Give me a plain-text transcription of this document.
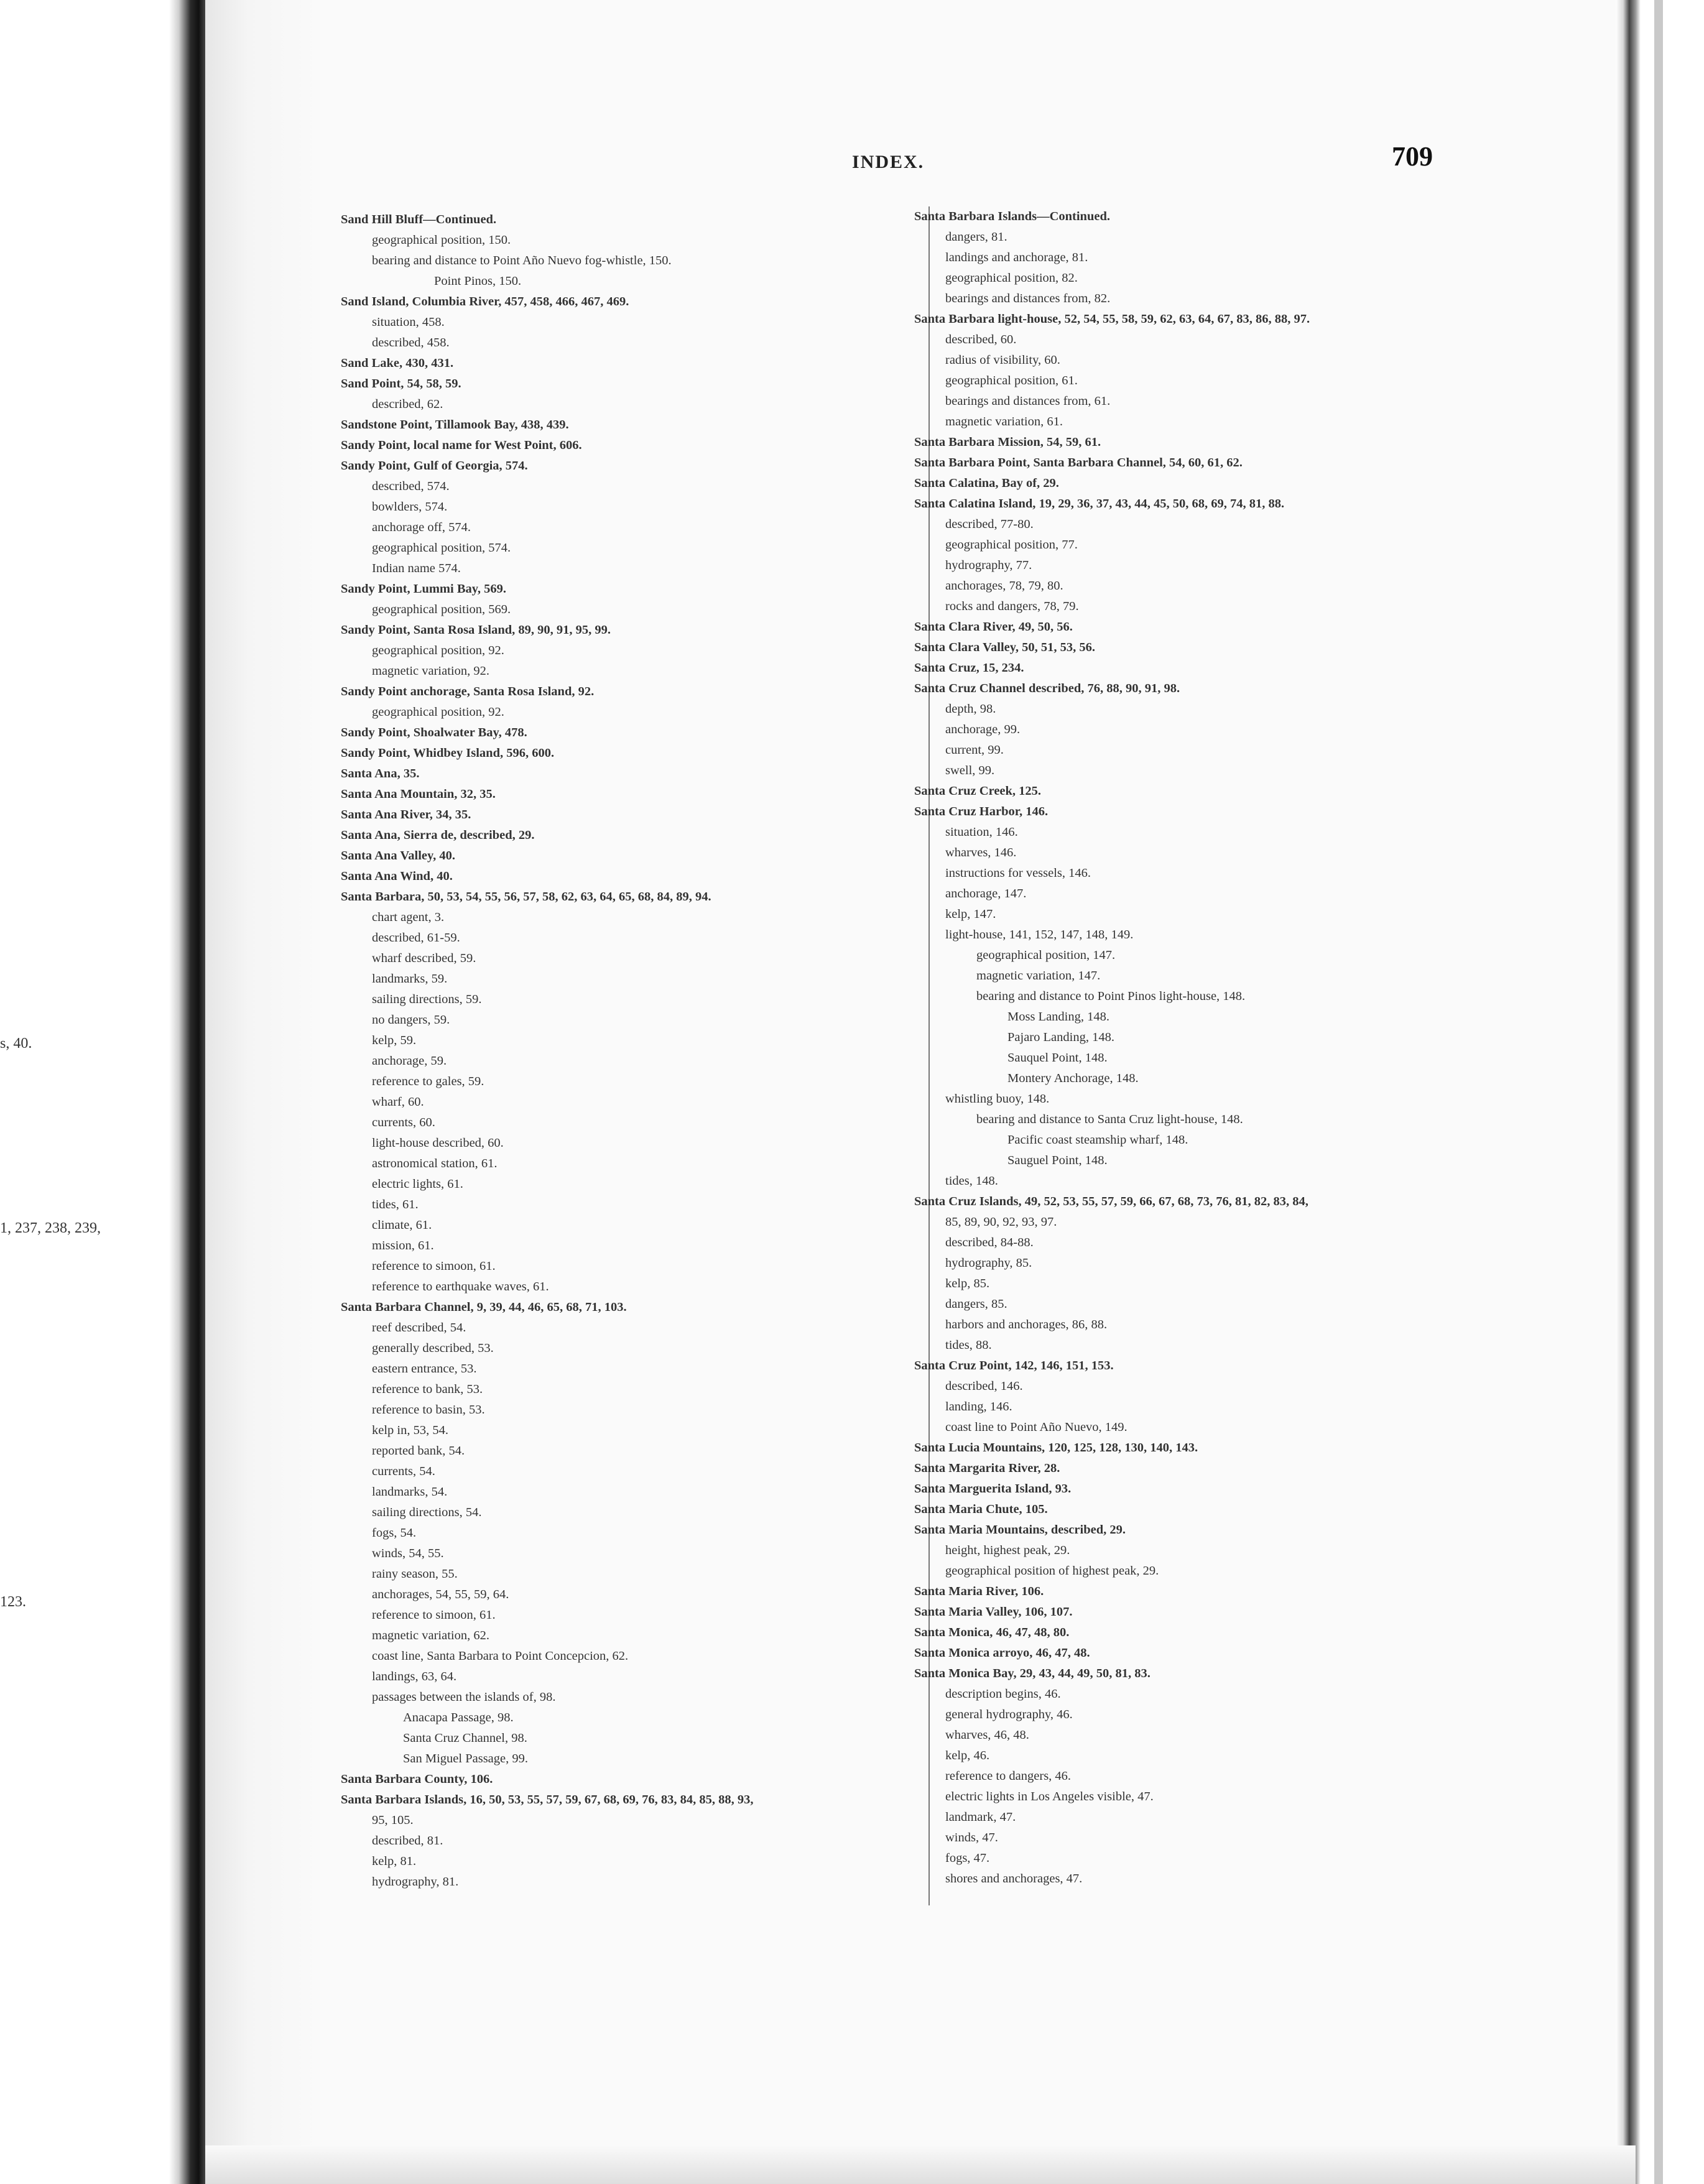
s, 40.
1, 237, 238, 239,
123.
INDEX.	709
Sand Hill Bluff—Continued.
geographical position, 150.
bearing and distance to Point Año Nuevo fog-whistle, 150.
Point Pinos, 150.
Sand Island, Columbia River, 457, 458, 466, 467, 469.
situation, 458.
described, 458.
Sand Lake, 430, 431.
Sand Point, 54, 58, 59.
described, 62.
Sandstone Point, Tillamook Bay, 438, 439.
Sandy Point, local name for West Point, 606.
Sandy Point, Gulf of Georgia, 574.
described, 574.
bowlders, 574.
anchorage off, 574.
geographical position, 574.
Indian name 574.
Sandy Point, Lummi Bay, 569.
geographical position, 569.
Sandy Point, Santa Rosa Island, 89, 90, 91, 95, 99.
geographical position, 92.
magnetic variation, 92.
Sandy Point anchorage, Santa Rosa Island, 92.
geographical position, 92.
Sandy Point, Shoalwater Bay, 478.
Sandy Point, Whidbey Island, 596, 600.
Santa Ana, 35.
Santa Ana Mountain, 32, 35.
Santa Ana River, 34, 35.
Santa Ana, Sierra de, described, 29.
Santa Ana Valley, 40.
Santa Ana Wind, 40.
Santa Barbara, 50, 53, 54, 55, 56, 57, 58, 62, 63, 64, 65, 68, 84, 89, 94.
chart agent, 3.
described, 61-59.
wharf described, 59.
landmarks, 59.
sailing directions, 59.
no dangers, 59.
kelp, 59.
anchorage, 59.
reference to gales, 59.
wharf, 60.
currents, 60.
light-house described, 60.
astronomical station, 61.
electric lights, 61.
tides, 61.
climate, 61.
mission, 61.
reference to simoon, 61.
reference to earthquake waves, 61.
Santa Barbara Channel, 9, 39, 44, 46, 65, 68, 71, 103.
reef described, 54.
generally described, 53.
eastern entrance, 53.
reference to bank, 53.
reference to basin, 53.
kelp in, 53, 54.
reported bank, 54.
currents, 54.
landmarks, 54.
sailing directions, 54.
fogs, 54.
winds, 54, 55.
rainy season, 55.
anchorages, 54, 55, 59, 64.
reference to simoon, 61.
magnetic variation, 62.
coast line, Santa Barbara to Point Concepcion, 62.
landings, 63, 64.
passages between the islands of, 98.
Anacapa Passage, 98.
Santa Cruz Channel, 98.
San Miguel Passage, 99.
Santa Barbara County, 106.
Santa Barbara Islands, 16, 50, 53, 55, 57, 59, 67, 68, 69, 76, 83, 84, 85, 88, 93,
95, 105.
described, 81.
kelp, 81.
hydrography, 81.
Santa Barbara Islands—Continued.
dangers, 81.
landings and anchorage, 81.
geographical position, 82.
bearings and distances from, 82.
Santa Barbara light-house, 52, 54, 55, 58, 59, 62, 63, 64, 67, 83, 86, 88, 97.
described, 60.
radius of visibility, 60.
geographical position, 61.
bearings and distances from, 61.
magnetic variation, 61.
Santa Barbara Mission, 54, 59, 61.
Santa Barbara Point, Santa Barbara Channel, 54, 60, 61, 62.
Santa Calatina, Bay of, 29.
Santa Calatina Island, 19, 29, 36, 37, 43, 44, 45, 50, 68, 69, 74, 81, 88.
described, 77-80.
geographical position, 77.
hydrography, 77.
anchorages, 78, 79, 80.
rocks and dangers, 78, 79.
Santa Clara River, 49, 50, 56.
Santa Clara Valley, 50, 51, 53, 56.
Santa Cruz, 15, 234.
Santa Cruz Channel described, 76, 88, 90, 91, 98.
depth, 98.
anchorage, 99.
current, 99.
swell, 99.
Santa Cruz Creek, 125.
Santa Cruz Harbor, 146.
situation, 146.
wharves, 146.
instructions for vessels, 146.
anchorage, 147.
kelp, 147.
light-house, 141, 152, 147, 148, 149.
geographical position, 147.
magnetic variation, 147.
bearing and distance to Point Pinos light-house, 148.
Moss Landing, 148.
Pajaro Landing, 148.
Sauquel Point, 148.
Montery Anchorage, 148.
whistling buoy, 148.
bearing and distance to Santa Cruz light-house, 148.
Pacific coast steamship wharf, 148.
Sauguel Point, 148.
tides, 148.
Santa Cruz Islands, 49, 52, 53, 55, 57, 59, 66, 67, 68, 73, 76, 81, 82, 83, 84,
85, 89, 90, 92, 93, 97.
described, 84-88.
hydrography, 85.
kelp, 85.
dangers, 85.
harbors and anchorages, 86, 88.
tides, 88.
Santa Cruz Point, 142, 146, 151, 153.
described, 146.
landing, 146.
coast line to Point Año Nuevo, 149.
Santa Lucia Mountains, 120, 125, 128, 130, 140, 143.
Santa Margarita River, 28.
Santa Marguerita Island, 93.
Santa Maria Chute, 105.
Santa Maria Mountains, described, 29.
height, highest peak, 29.
geographical position of highest peak, 29.
Santa Maria River, 106.
Santa Maria Valley, 106, 107.
Santa Monica, 46, 47, 48, 80.
Santa Monica arroyo, 46, 47, 48.
Santa Monica Bay, 29, 43, 44, 49, 50, 81, 83.
description begins, 46.
general hydrography, 46.
wharves, 46, 48.
kelp, 46.
reference to dangers, 46.
electric lights in Los Angeles visible, 47.
landmark, 47.
winds, 47.
fogs, 47.
shores and anchorages, 47.
